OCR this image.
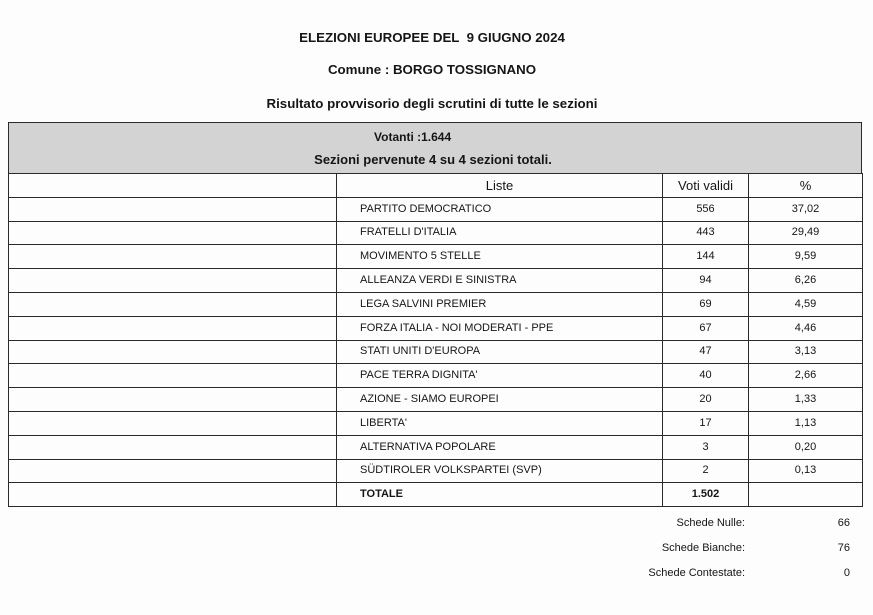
ELEZIONI EUROPEE DEL  9 GIUGNO 2024
Comune : BORGO TOSSIGNANO
Risultato provvisorio degli scrutini di tutte le sezioni
Votanti :1.644
Sezioni pervenute 4 su 4 sezioni totali.
	Liste	Voti validi	%
	PARTITO DEMOCRATICO	556	37,02
	FRATELLI D'ITALIA	443	29,49
	MOVIMENTO 5 STELLE	144	9,59
	ALLEANZA VERDI E SINISTRA	94	6,26
	LEGA SALVINI PREMIER	69	4,59
	FORZA ITALIA - NOI MODERATI - PPE	67	4,46
	STATI UNITI D'EUROPA	47	3,13
	PACE TERRA DIGNITA'	40	2,66
	AZIONE - SIAMO EUROPEI	20	1,33
	LIBERTA'	17	1,13
	ALTERNATIVA POPOLARE	3	0,20
	SÜDTIROLER VOLKSPARTEI (SVP)	2	0,13
	TOTALE	1.502	
Schede Nulle:	66
Schede Bianche:	76
Schede Contestate:	0
